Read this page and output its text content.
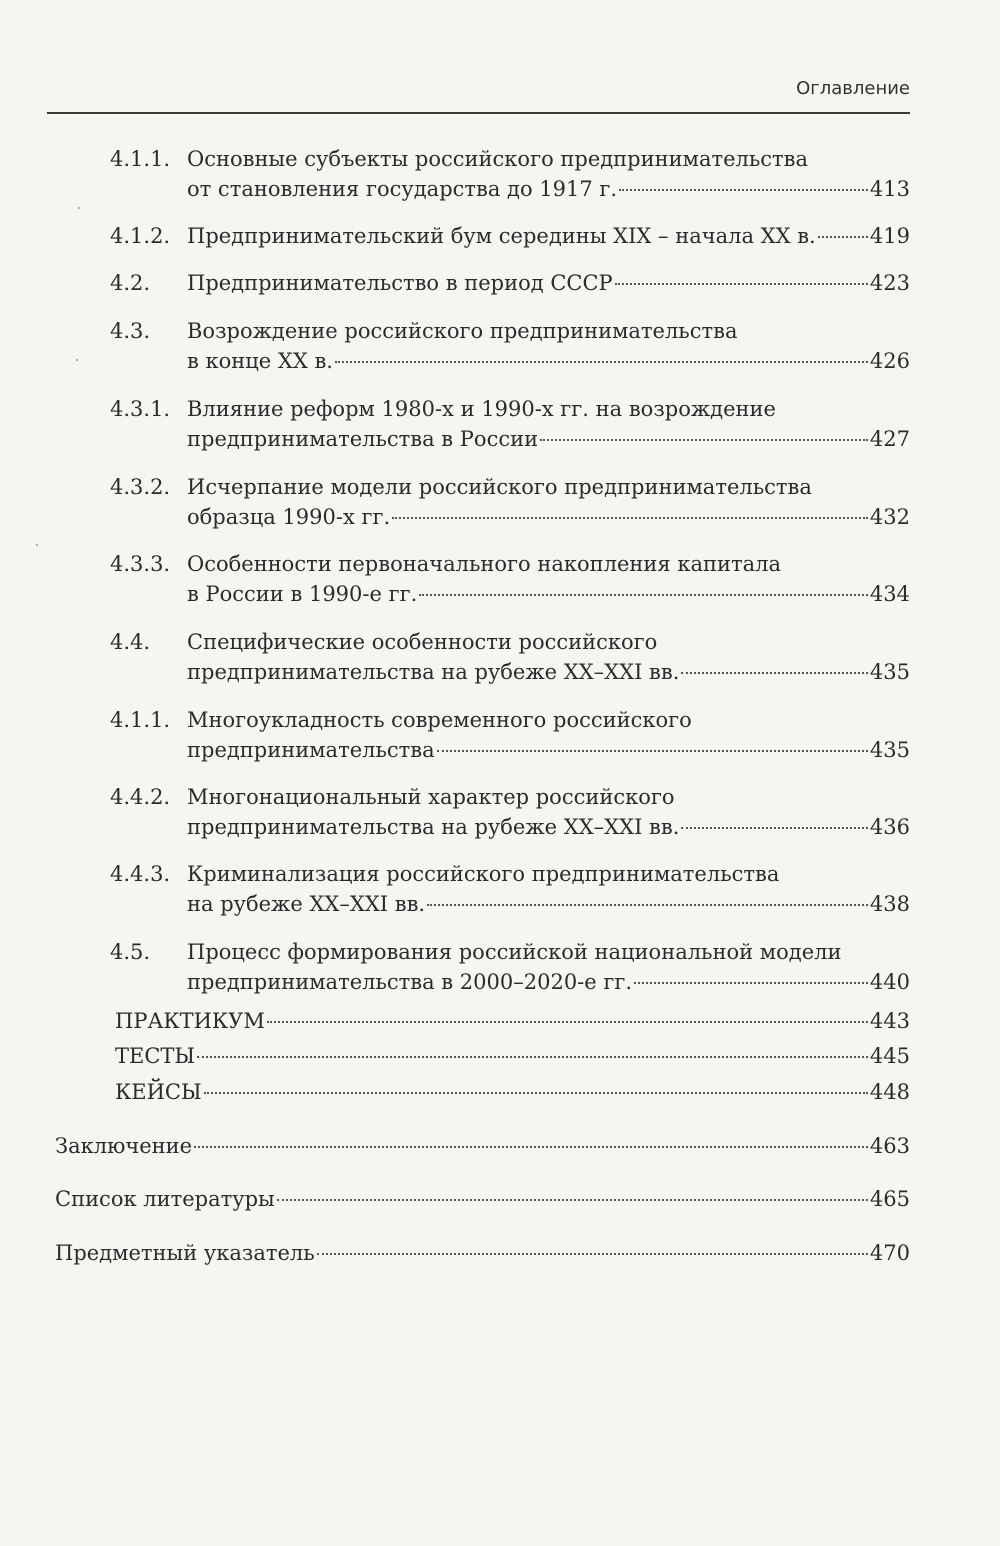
Оглавление
4.1.1. Основные субъекты российского предпринимательства
от становления государства до 1917 г.	413
4.1.2. Предпринимательский бум середины XIX – начала XX в.	419
4.2. Предпринимательство в период СССР	423
4.3. Возрождение российского предпринимательства
в конце XX в.	426
4.3.1. Влияние реформ 1980-х и 1990-х гг. на возрождение
предпринимательства в России	427
4.3.2. Исчерпание модели российского предпринимательства
образца 1990-х гг.	432
4.3.3. Особенности первоначального накопления капитала
в России в 1990-е гг.	434
4.4. Специфические особенности российского
предпринимательства на рубеже XX–XXI вв.	435
4.1.1. Многоукладность современного российского
предпринимательства	435
4.4.2. Многонациональный характер российского
предпринимательства на рубеже XX–XXI вв.	436
4.4.3. Криминализация российского предпринимательства
на рубеже XX–XXI вв.	438
4.5. Процесс формирования российской национальной модели
предпринимательства в 2000–2020-е гг.	440
ПРАКТИКУМ	443
ТЕСТЫ	445
КЕЙСЫ	448
Заключение	463
Список литературы	465
Предметный указатель	470
